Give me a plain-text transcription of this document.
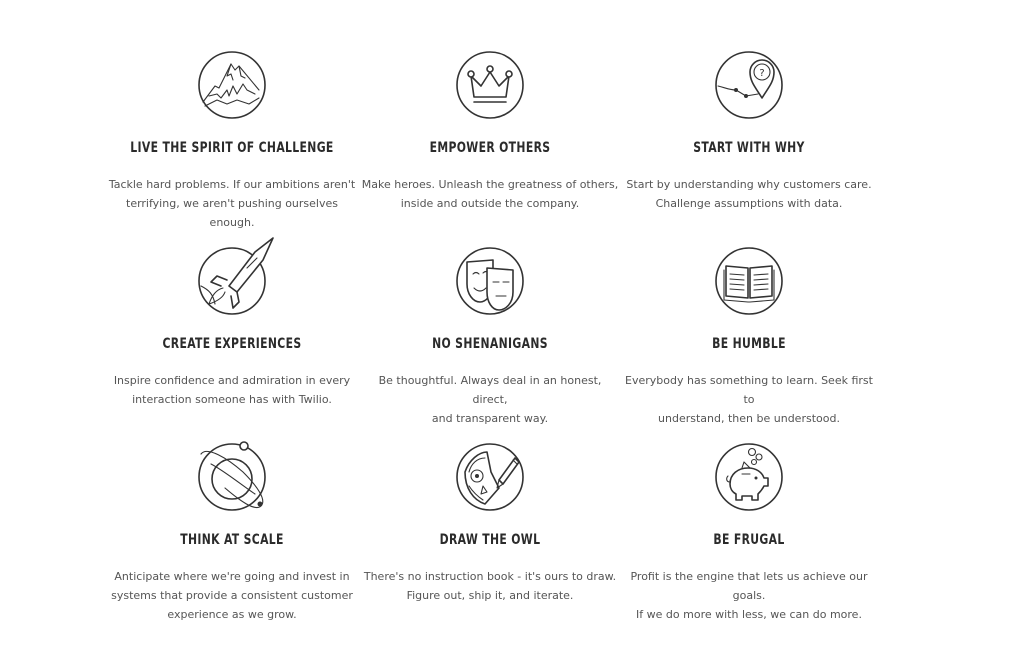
LIVE THE SPIRIT OF CHALLENGE
Tackle hard problems. If our ambitions aren't
terrifying, we aren't pushing ourselves enough.
EMPOWER OTHERS
Make heroes. Unleash the greatness of others,
inside and outside the company.
?
START WITH WHY
Start by understanding why customers care.
Challenge assumptions with data.
CREATE EXPERIENCES
Inspire confidence and admiration in every
interaction someone has with Twilio.
NO SHENANIGANS
Be thoughtful. Always deal in an honest, direct,
and transparent way.
BE HUMBLE
Everybody has something to learn. Seek first to
understand, then be understood.
THINK AT SCALE
Anticipate where we're going and invest in
systems that provide a consistent customer
experience as we grow.
DRAW THE OWL
There's no instruction book - it's ours to draw.
Figure out, ship it, and iterate.
BE FRUGAL
Profit is the engine that lets us achieve our goals.
If we do more with less, we can do more.
